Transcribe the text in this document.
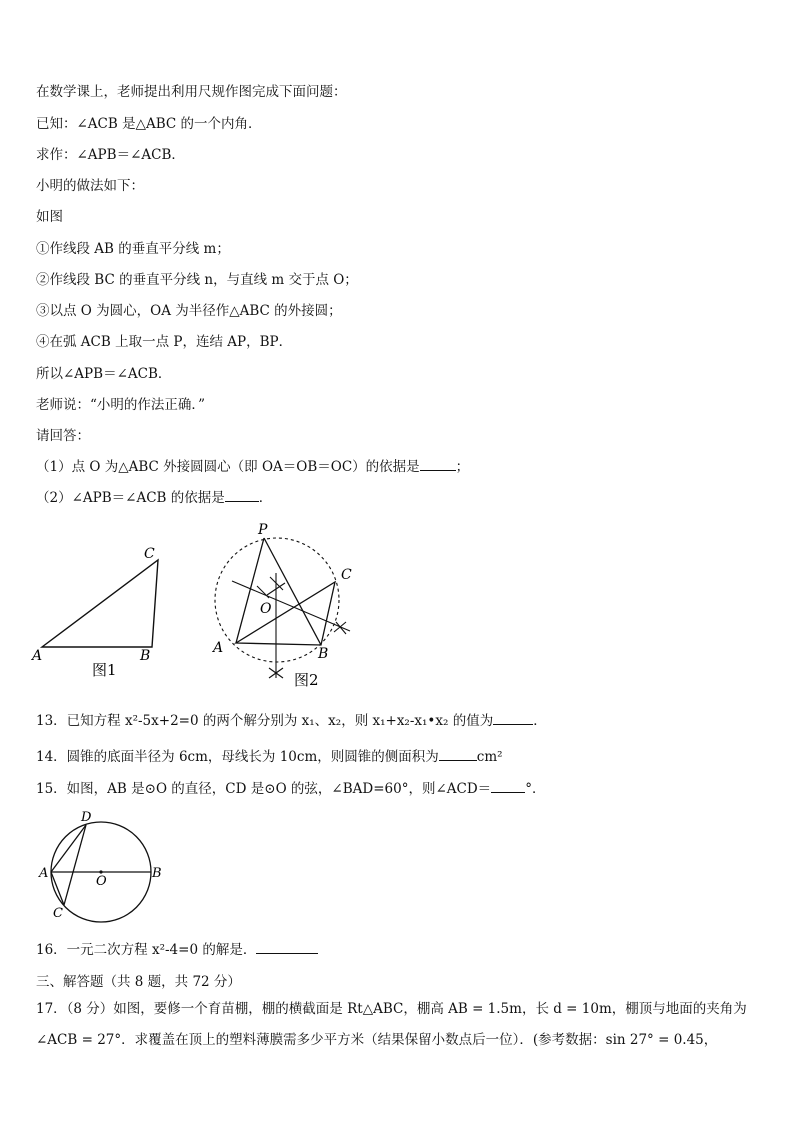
在数学课上，老师提出利用尺规作图完成下面问题：
已知：∠ACB 是△ABC 的一个内角．
求作：∠APB＝∠ACB．
小明的做法如下：
如图
①作线段 AB 的垂直平分线 m；
②作线段 BC 的垂直平分线 n，与直线 m 交于点 O；
③以点 O 为圆心，OA 为半径作△ABC 的外接圆；
④在弧 ACB 上取一点 P，连结 AP，BP．
所以∠APB＝∠ACB．
老师说：“小明的作法正确．”
请回答：
（1）点 O 为△ABC 外接圆圆心（即 OA＝OB＝OC）的依据是	；
（2）∠APB＝∠ACB 的依据是	．
A	B
C
图1
P
C
O
A	B
图2
13．已知方程 x²-5x+2=0 的两个解分别为 x₁、x₂，则 x₁+x₂-x₁•x₂ 的值为	．
14．圆锥的底面半径为 6cm，母线长为 10cm，则圆锥的侧面积为	cm²
15．如图，AB 是⊙O 的直径，CD 是⊙O 的弦，∠BAD=60°，则∠ACD＝	°．
D
A	B
O
C
16．一元二次方程 x²-4=0 的解是．
三、解答题（共 8 题，共 72 分）
17．（8 分）如图，要修一个育苗棚，棚的横截面是 Rt△ABC，棚高 AB = 1.5m，长 d = 10m，棚顶与地面的夹角为
∠ACB = 27°．求覆盖在顶上的塑料薄膜需多少平方米（结果保留小数点后一位）．(参考数据：sin 27° = 0.45，
